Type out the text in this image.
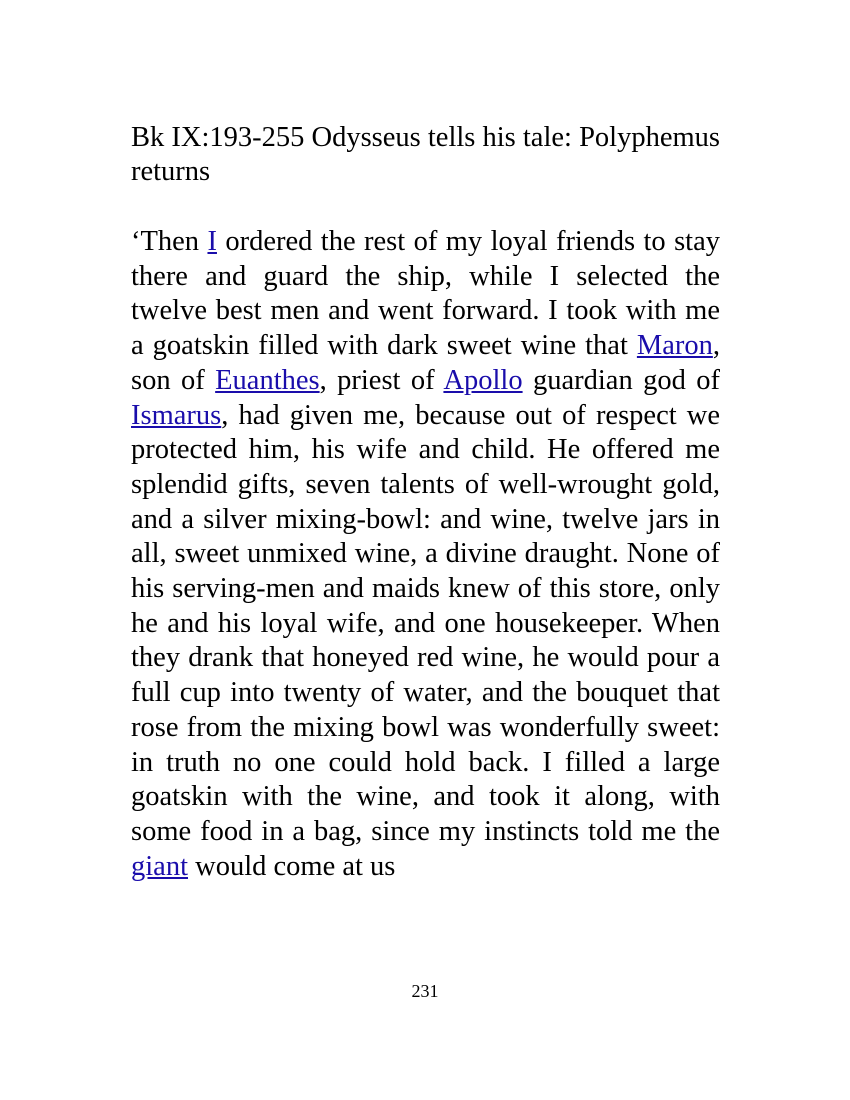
Bk IX:193-255 Odysseus tells his tale: Polyphemus returns

‘Then I ordered the rest of my loyal friends to stay there and guard the ship, while I selected the twelve best men and went forward. I took with me a goatskin filled with dark sweet wine that Maron, son of Euanthes, priest of Apollo guardian god of Ismarus, had given me, because out of respect we protected him, his wife and child. He offered me splendid gifts, seven talents of well-wrought gold, and a silver mixing-bowl: and wine, twelve jars in all, sweet unmixed wine, a divine draught. None of his serving-men and maids knew of this store, only he and his loyal wife, and one housekeeper. When they drank that honeyed red wine, he would pour a full cup into twenty of water, and the bouquet that rose from the mixing bowl was wonderfully sweet: in truth no one could hold back. I filled a large goatskin with the wine, and took it along, with some food in a bag, since my instincts told me the giant would come at us

231
